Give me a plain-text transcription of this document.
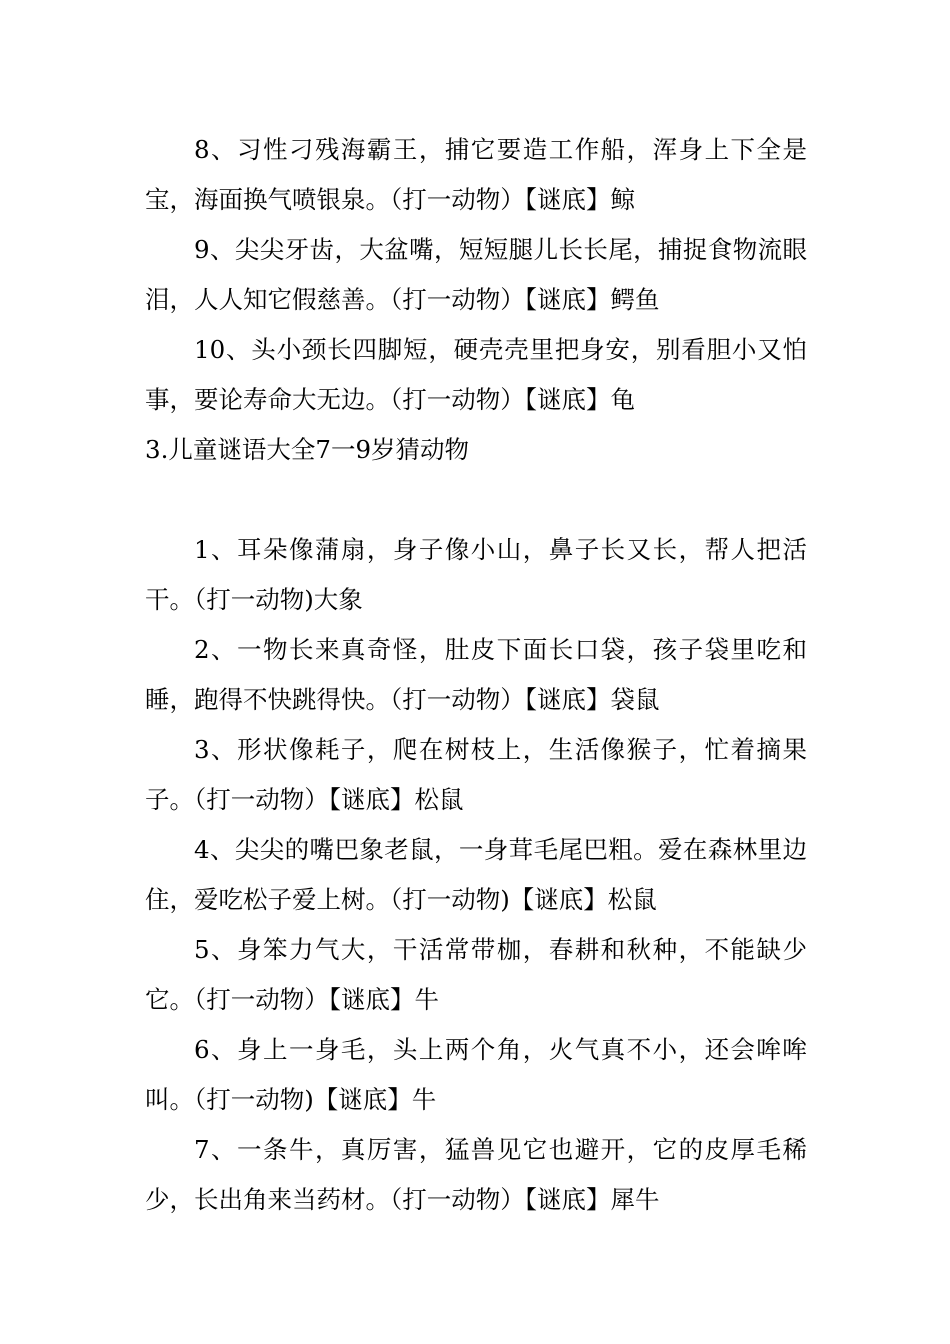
8、习性刁残海霸王，捕它要造工作船，浑身上下全是宝，海面换气喷银泉。（打一动物）【谜底】鲸

9、尖尖牙齿，大盆嘴，短短腿儿长长尾，捕捉食物流眼泪，人人知它假慈善。（打一动物）【谜底】鳄鱼

10、头小颈长四脚短，硬壳壳里把身安，别看胆小又怕事，要论寿命大无边。（打一动物）【谜底】龟

3.儿童谜语大全7一9岁猜动物

1、耳朵像蒲扇，身子像小山，鼻子长又长，帮人把活干。（打一动物)大象

2、一物长来真奇怪，肚皮下面长口袋，孩子袋里吃和睡，跑得不快跳得快。（打一动物）【谜底】袋鼠

3、形状像耗子，爬在树枝上，生活像猴子，忙着摘果子。（打一动物）【谜底】松鼠

4、尖尖的嘴巴象老鼠，一身茸毛尾巴粗。爱在森林里边住，爱吃松子爱上树。（打一动物)【谜底】松鼠

5、身笨力气大，干活常带枷，春耕和秋种，不能缺少它。（打一动物）【谜底】牛

6、身上一身毛，头上两个角，火气真不小，还会哞哞叫。（打一动物)【谜底】牛

7、一条牛，真厉害，猛兽见它也避开，它的皮厚毛稀少，长出角来当药材。（打一动物）【谜底】犀牛
